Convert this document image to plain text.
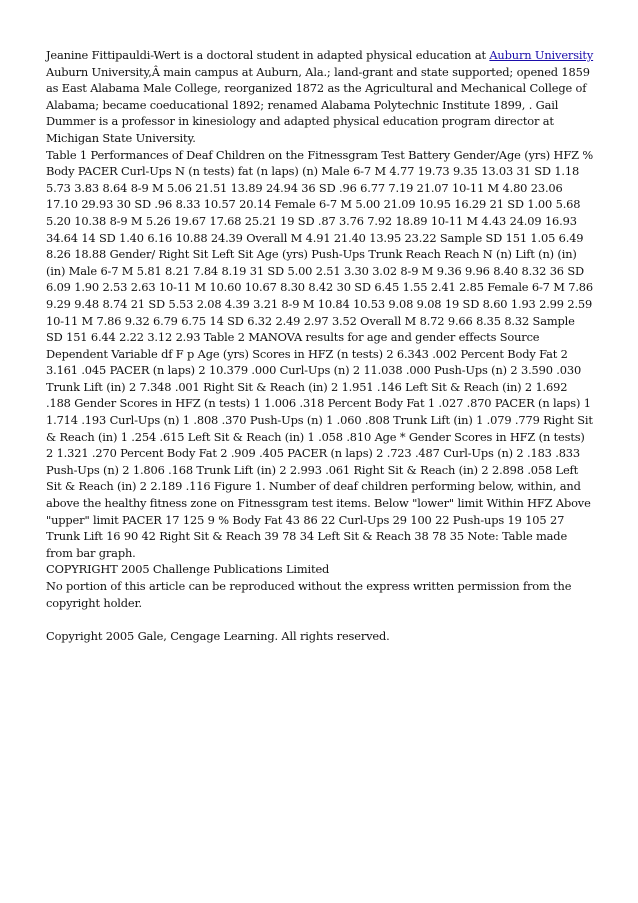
Jeanine Fittipauldi-Wert is a doctoral student in adapted physical education at Auburn University
Auburn University,Â main campus at Auburn, Ala.; land-grant and state supported; opened 1859 as East Alabama Male College, reorganized 1872 as the Agricultural and Mechanical College of Alabama; became coeducational 1892; renamed Alabama Polytechnic Institute 1899, . Gail Dummer is a professor in kinesiology and adapted physical education program director at Michigan State University.

Table 1 Performances of Deaf Children on the Fitnessgram Test Battery Gender/Age (yrs) HFZ % Body PACER Curl-Ups N (n tests) fat (n laps) (n) Male 6-7 M 4.77 19.73 9.35 13.03 31 SD 1.18 5.73 3.83 8.64 8-9 M 5.06 21.51 13.89 24.94 36 SD .96 6.77 7.19 21.07 10-11 M 4.80 23.06 17.10 29.93 30 SD .96 8.33 10.57 20.14 Female 6-7 M 5.00 21.09 10.95 16.29 21 SD 1.00 5.68 5.20 10.38 8-9 M 5.26 19.67 17.68 25.21 19 SD .87 3.76 7.92 18.89 10-11 M 4.43 24.09 16.93 34.64 14 SD 1.40 6.16 10.88 24.39 Overall M 4.91 21.40 13.95 23.22 Sample SD 151 1.05 6.49 8.26 18.88 Gender/ Right Sit Left Sit Age (yrs) Push-Ups Trunk Reach Reach N (n) Lift (n) (in) (in) Male 6-7 M 5.81 8.21 7.84 8.19 31 SD 5.00 2.51 3.30 3.02 8-9 M 9.36 9.96 8.40 8.32 36 SD 6.09 1.90 2.53 2.63 10-11 M 10.60 10.67 8.30 8.42 30 SD 6.45 1.55 2.41 2.85 Female 6-7 M 7.86 9.29 9.48 8.74 21 SD 5.53 2.08 4.39 3.21 8-9 M 10.84 10.53 9.08 9.08 19 SD 8.60 1.93 2.99 2.59 10-11 M 7.86 9.32 6.79 6.75 14 SD 6.32 2.49 2.97 3.52 Overall M 8.72 9.66 8.35 8.32 Sample SD 151 6.44 2.22 3.12 2.93 Table 2 MANOVA results for age and gender effects Source Dependent Variable df F p Age (yrs) Scores in HFZ (n tests) 2 6.343 .002 Percent Body Fat 2 3.161 .045 PACER (n laps) 2 10.379 .000 Curl-Ups (n) 2 11.038 .000 Push-Ups (n) 2 3.590 .030 Trunk Lift (in) 2 7.348 .001 Right Sit & Reach (in) 2 1.951 .146 Left Sit & Reach (in) 2 1.692 .188 Gender Scores in HFZ (n tests) 1 1.006 .318 Percent Body Fat 1 .027 .870 PACER (n laps) 1 1.714 .193 Curl-Ups (n) 1 .808 .370 Push-Ups (n) 1 .060 .808 Trunk Lift (in) 1 .079 .779 Right Sit & Reach (in) 1 .254 .615 Left Sit & Reach (in) 1 .058 .810 Age * Gender Scores in HFZ (n tests) 2 1.321 .270 Percent Body Fat 2 .909 .405 PACER (n laps) 2 .723 .487 Curl-Ups (n) 2 .183 .833 Push-Ups (n) 2 1.806 .168 Trunk Lift (in) 2 2.993 .061 Right Sit & Reach (in) 2 2.898 .058 Left Sit & Reach (in) 2 2.189 .116 Figure 1. Number of deaf children performing below, within, and above the healthy fitness zone on Fitnessgram test items. Below "lower" limit Within HFZ Above "upper" limit PACER 17 125 9 % Body Fat 43 86 22 Curl-Ups 29 100 22 Push-ups 19 105 27 Trunk Lift 16 90 42 Right Sit & Reach 39 78 34 Left Sit & Reach 38 78 35 Note: Table made from bar graph.

COPYRIGHT 2005 Challenge Publications Limited

No portion of this article can be reproduced without the express written permission from the copyright holder.

Copyright 2005 Gale, Cengage Learning. All rights reserved.
